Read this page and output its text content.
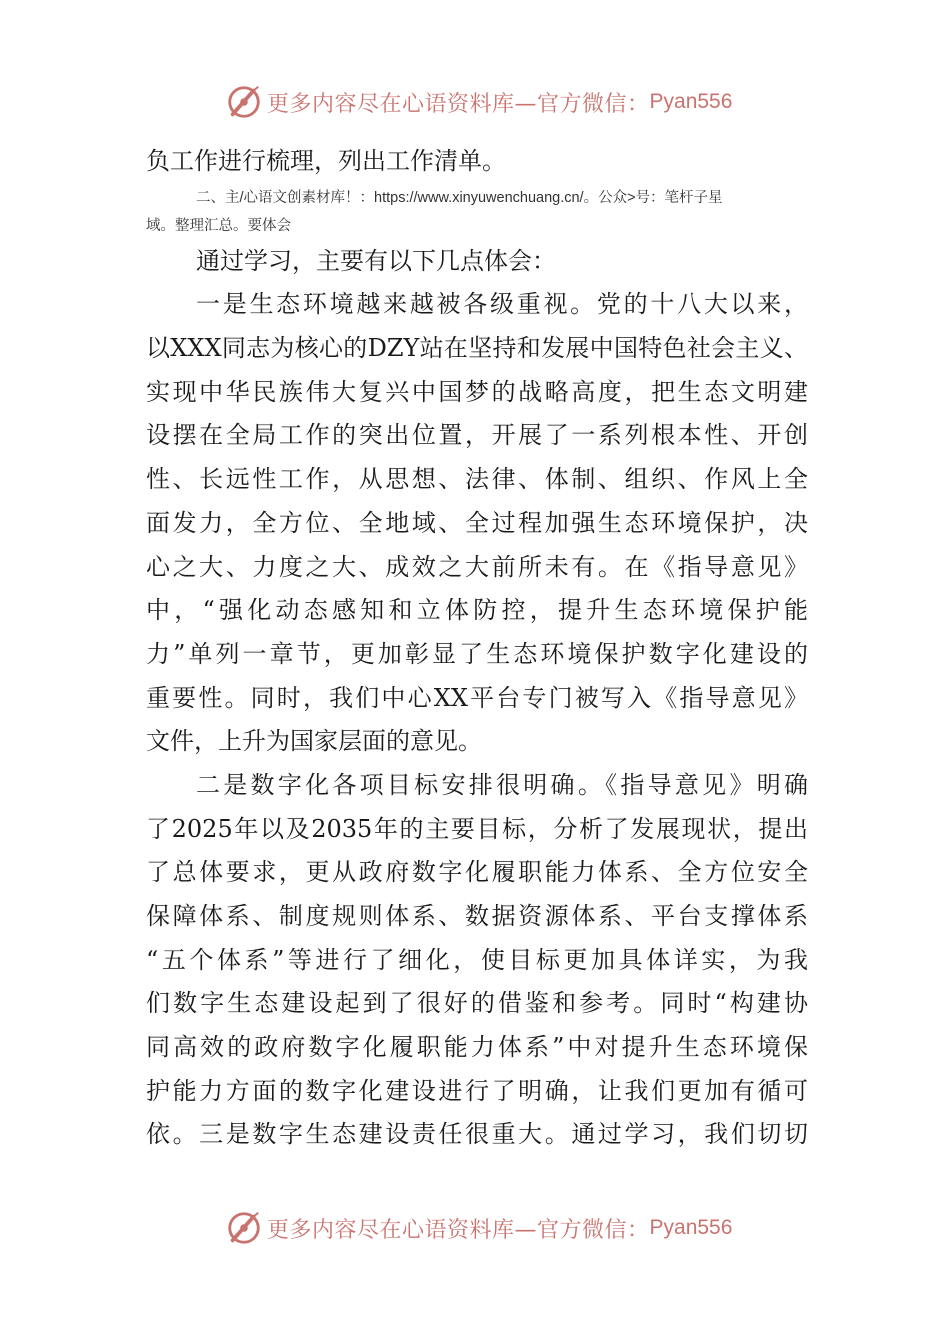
更多内容尽在心语资料库—官方微信： Pyan556
负工作进行梳理，列出工作清单。
二、主/心语文创素材库！：https://www.xinyuwenchuang.cn/。公众>号：笔杆子星
域。整理汇总。要体会
通过学习，主要有以下几点体会：
一是生态环境越来越被各级重视。党的十八大以来，
以XXX同志为核心的DZY站在坚持和发展中国特色社会主义、
实现中华民族伟大复兴中国梦的战略高度，把生态文明建
设摆在全局工作的突出位置，开展了一系列根本性、开创
性、长远性工作，从思想、法律、体制、组织、作风上全
面发力，全方位、全地域、全过程加强生态环境保护，决
心之大、力度之大、成效之大前所未有。在《指导意见》
中，“强化动态感知和立体防控，提升生态环境保护能
力”单列一章节，更加彰显了生态环境保护数字化建设的
重要性。同时，我们中心XX平台专门被写入《指导意见》
文件，上升为国家层面的意见。
二是数字化各项目标安排很明确。《指导意见》明确
了2025年以及2035年的主要目标，分析了发展现状，提出
了总体要求，更从政府数字化履职能力体系、全方位安全
保障体系、制度规则体系、数据资源体系、平台支撑体系
“五个体系”等进行了细化，使目标更加具体详实，为我
们数字生态建设起到了很好的借鉴和参考。同时“构建协
同高效的政府数字化履职能力体系”中对提升生态环境保
护能力方面的数字化建设进行了明确，让我们更加有循可
依。三是数字生态建设责任很重大。通过学习，我们切切
更多内容尽在心语资料库—官方微信： Pyan556
